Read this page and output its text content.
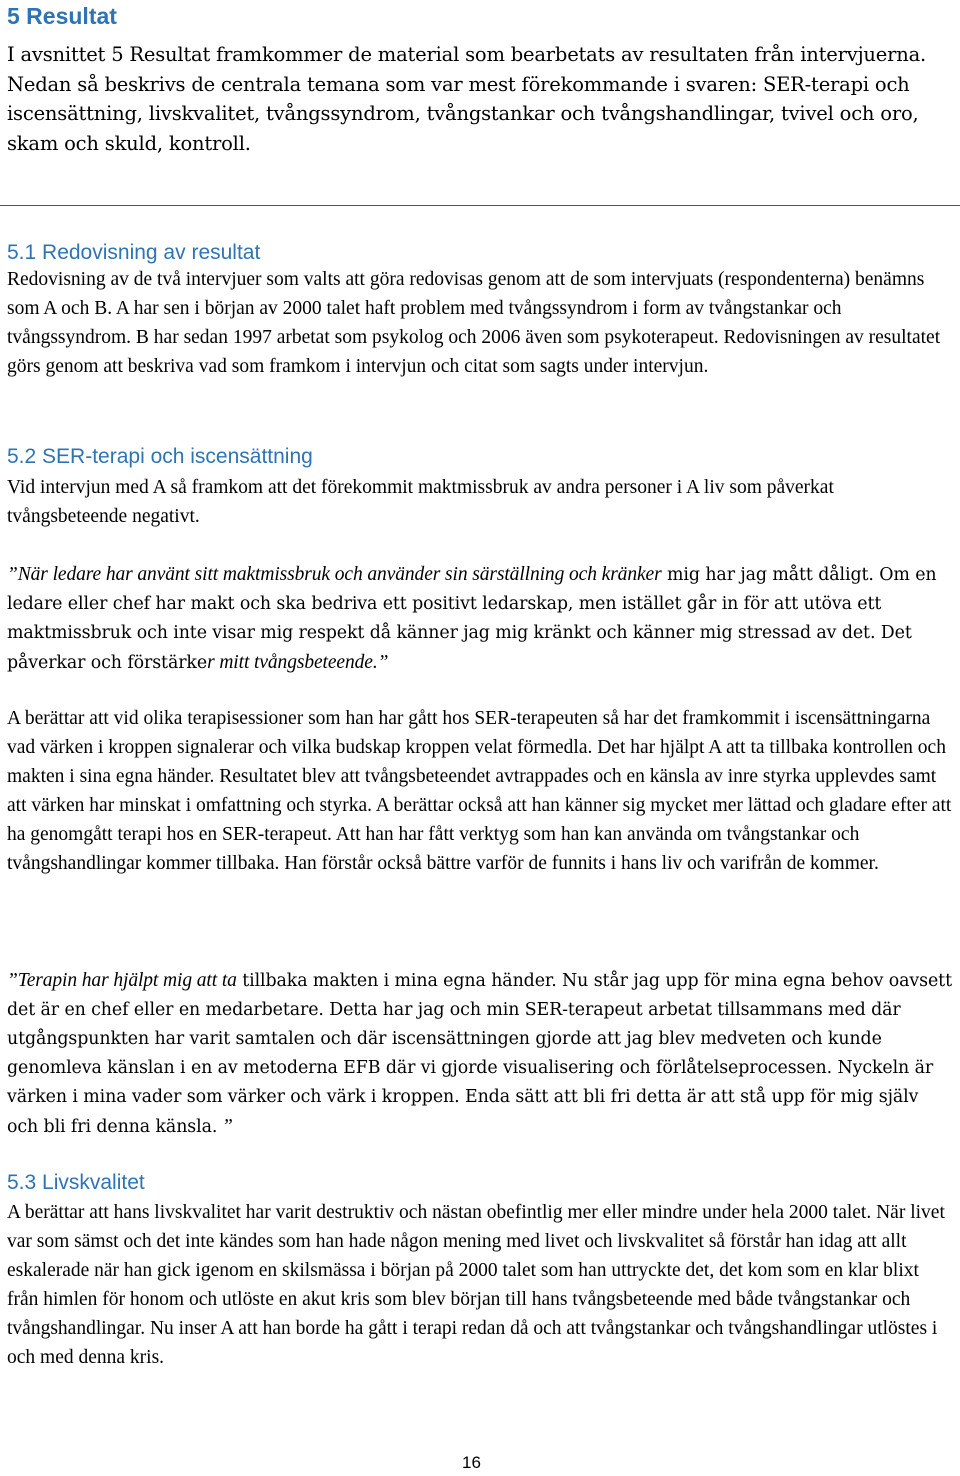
5 Resultat

I avsnittet 5 Resultat framkommer de material som bearbetats av resultaten från intervjuerna. Nedan så beskrivs de centrala temana som var mest förekommande i svaren: SER-terapi och iscensättning, livskvalitet, tvångssyndrom, tvångstankar och tvångshandlingar, tvivel och oro, skam och skuld, kontroll.

5.1 Redovisning av resultat

Redovisning av de två intervjuer som valts att göra redovisas genom att de som intervjuats (respondenterna) benämns som A och B. A har sen i början av 2000 talet haft problem med tvångssyndrom i form av tvångstankar och tvångssyndrom. B har sedan 1997 arbetat som psykolog och 2006 även som psykoterapeut. Redovisningen av resultatet görs genom att beskriva vad som framkom i intervjun och citat som sagts under intervjun.

5.2 SER-terapi och iscensättning

Vid intervjun med A så framkom att det förekommit maktmissbruk av andra personer i A liv som påverkat tvångsbeteende negativt.

”När ledare har använt sitt maktmissbruk och använder sin särställning och kränker mig har jag mått dåligt. Om en ledare eller chef har makt och ska bedriva ett positivt ledarskap, men istället går in för att utöva ett maktmissbruk och inte visar mig respekt då känner jag mig kränkt och känner mig stressad av det. Det påverkar och förstärker mitt tvångsbeteende.”

A berättar att vid olika terapisessioner som han har gått hos SER-terapeuten så har det framkommit i iscensättningarna vad värken i kroppen signalerar och vilka budskap kroppen velat förmedla. Det har hjälpt A att ta tillbaka kontrollen och makten i sina egna händer. Resultatet blev att tvångsbeteendet avtrappades och en känsla av inre styrka upplevdes samt att värken har minskat i omfattning och styrka. A berättar också att han känner sig mycket mer lättad och gladare efter att ha genomgått terapi hos en SER-terapeut. Att han har fått verktyg som han kan använda om tvångstankar och tvångshandlingar kommer tillbaka. Han förstår också bättre varför de funnits i hans liv och varifrån de kommer.

”Terapin har hjälpt mig att ta tillbaka makten i mina egna händer. Nu står jag upp för mina egna behov oavsett det är en chef eller en medarbetare. Detta har jag och min SER-terapeut arbetat tillsammans med där utgångspunkten har varit samtalen och där iscensättningen gjorde att jag blev medveten och kunde genomleva känslan i en av metoderna EFB där vi gjorde visualisering och förlåtelseprocessen. Nyckeln är värken i mina vader som värker och värk i kroppen. Enda sätt att bli fri detta är att stå upp för mig själv och bli fri denna känsla. ”

5.3 Livskvalitet

A berättar att hans livskvalitet har varit destruktiv och nästan obefintlig mer eller mindre under hela 2000 talet. När livet var som sämst och det inte kändes som han hade någon mening med livet och livskvalitet så förstår han idag att allt eskalerade när han gick igenom en skilsmässa i början på 2000 talet som han uttryckte det, det kom som en klar blixt från himlen för honom och utlöste en akut kris som blev början till hans tvångsbeteende med både tvångstankar och tvångshandlingar. Nu inser A att han borde ha gått i terapi redan då och att tvångstankar och tvångshandlingar utlöstes i och med denna kris.

16
